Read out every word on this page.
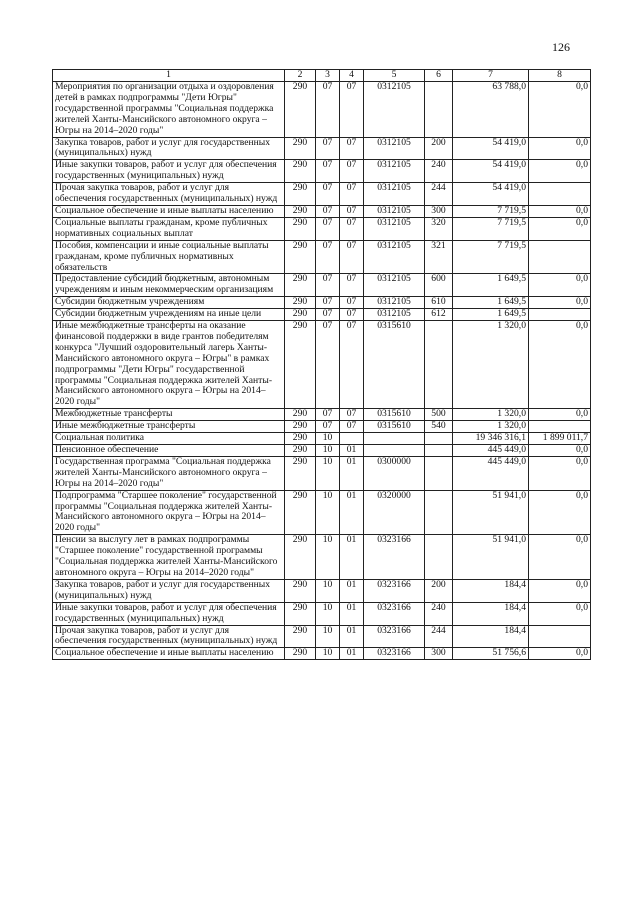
126
1	2	3	4	5	6	7	8
Мероприятия по организации отдыха и оздоровления детей в рамках подпрограммы "Дети Югры" государственной программы "Социальная поддержка жителей Ханты-Мансийского автономного округа – Югры на 2014–2020 годы"	290	07	07	0312105		63 788,0	0,0
Закупка товаров, работ и услуг для государственных (муниципальных) нужд	290	07	07	0312105	200	54 419,0	0,0
Иные закупки товаров, работ и услуг для обеспечения государственных (муниципальных) нужд	290	07	07	0312105	240	54 419,0	0,0
Прочая закупка товаров, работ и услуг для обеспечения государственных (муниципальных) нужд	290	07	07	0312105	244	54 419,0	
Социальное обеспечение и иные выплаты населению	290	07	07	0312105	300	7 719,5	0,0
Социальные выплаты гражданам, кроме публичных нормативных социальных выплат	290	07	07	0312105	320	7 719,5	0,0
Пособия, компенсации и иные социальные выплаты гражданам, кроме публичных нормативных обязательств	290	07	07	0312105	321	7 719,5	
Предоставление субсидий бюджетным, автономным учреждениям и иным некоммерческим организациям	290	07	07	0312105	600	1 649,5	0,0
Субсидии бюджетным учреждениям	290	07	07	0312105	610	1 649,5	0,0
Субсидии бюджетным учреждениям на иные цели	290	07	07	0312105	612	1 649,5	
Иные межбюджетные трансферты на оказание финансовой поддержки в виде грантов победителям конкурса "Лучший оздоровительный лагерь Ханты-Мансийского автономного округа – Югры" в рамках подпрограммы "Дети Югры" государственной программы "Социальная поддержка жителей Ханты-Мансийского автономного округа – Югры на 2014–2020 годы"	290	07	07	0315610		1 320,0	0,0
Межбюджетные трансферты	290	07	07	0315610	500	1 320,0	0,0
Иные межбюджетные трансферты	290	07	07	0315610	540	1 320,0	
Социальная политика	290	10				19 346 316,1	1 899 011,7
Пенсионное обеспечение	290	10	01			445 449,0	0,0
Государственная программа "Социальная поддержка жителей Ханты-Мансийского автономного округа – Югры на 2014–2020 годы"	290	10	01	0300000		445 449,0	0,0
Подпрограмма "Старшее поколение" государственной программы "Социальная поддержка жителей Ханты-Мансийского автономного округа – Югры на 2014–2020 годы"	290	10	01	0320000		51 941,0	0,0
Пенсии за выслугу лет в рамках подпрограммы "Старшее поколение" государственной программы "Социальная поддержка жителей Ханты-Мансийского автономного округа – Югры на 2014–2020 годы"	290	10	01	0323166		51 941,0	0,0
Закупка товаров, работ и услуг для государственных (муниципальных) нужд	290	10	01	0323166	200	184,4	0,0
Иные закупки товаров, работ и услуг для обеспечения государственных (муниципальных) нужд	290	10	01	0323166	240	184,4	0,0
Прочая закупка товаров, работ и услуг для обеспечения государственных (муниципальных) нужд	290	10	01	0323166	244	184,4	
Социальное обеспечение и иные выплаты населению	290	10	01	0323166	300	51 756,6	0,0
